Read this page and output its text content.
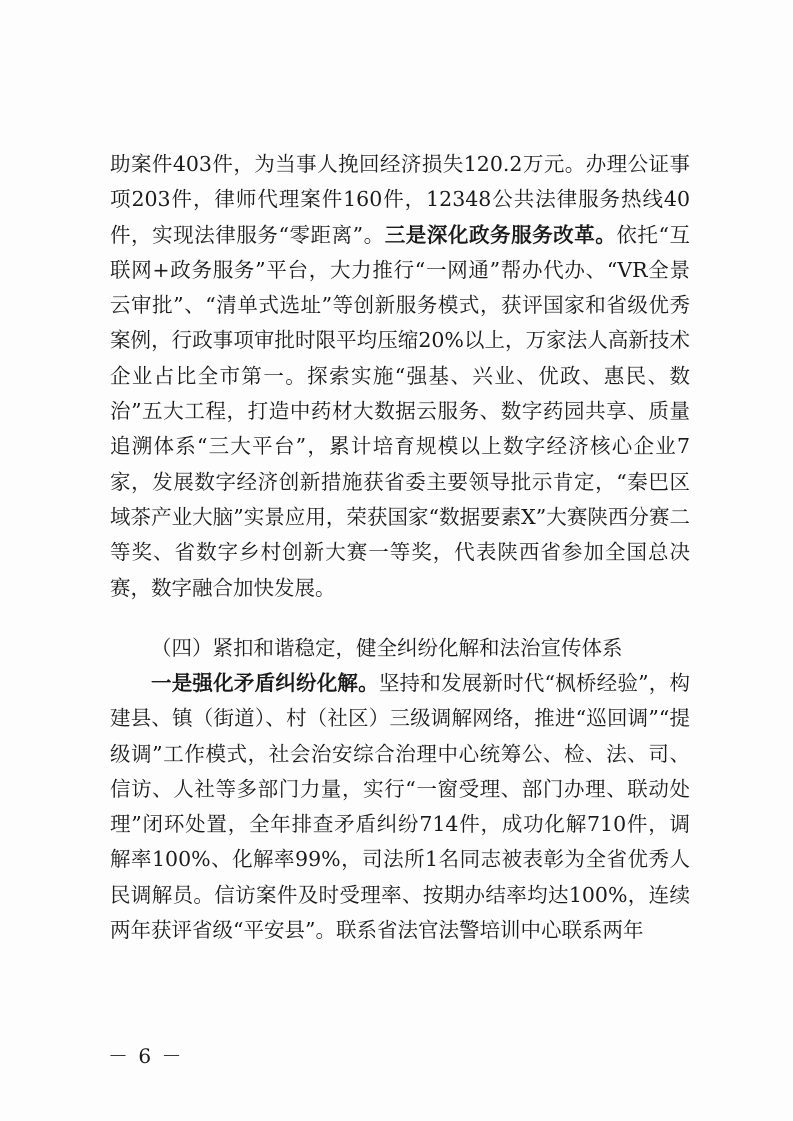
助案件403件，为当事人挽回经济损失120.2万元。办理公证事项203件，律师代理案件160件，12348公共法律服务热线40件，实现法律服务“零距离”。三是深化政务服务改革。依托“互联网+政务服务”平台，大力推行“一网通”帮办代办、“VR全景云审批”、“清单式选址”等创新服务模式，获评国家和省级优秀案例，行政事项审批时限平均压缩20%以上，万家法人高新技术企业占比全市第一。探索实施“强基、兴业、优政、惠民、数治”五大工程，打造中药材大数据云服务、数字药园共享、质量追溯体系“三大平台”，累计培育规模以上数字经济核心企业7家，发展数字经济创新措施获省委主要领导批示肯定，“秦巴区域茶产业大脑”实景应用，荣获国家“数据要素X”大赛陕西分赛二等奖、省数字乡村创新大赛一等奖，代表陕西省参加全国总决赛，数字融合加快发展。
（四）紧扣和谐稳定，健全纠纷化解和法治宣传体系
一是强化矛盾纠纷化解。坚持和发展新时代“枫桥经验”，构建县、镇（街道）、村（社区）三级调解网络，推进“巡回调”“提级调”工作模式，社会治安综合治理中心统筹公、检、法、司、信访、人社等多部门力量，实行“一窗受理、部门办理、联动处理”闭环处置，全年排查矛盾纠纷714件，成功化解710件，调解率100%、化解率99%，司法所1名同志被表彰为全省优秀人民调解员。信访案件及时受理率、按期办结率均达100%，连续两年获评省级“平安县”。联系省法官法警培训中心联系两年
－ 6 －
